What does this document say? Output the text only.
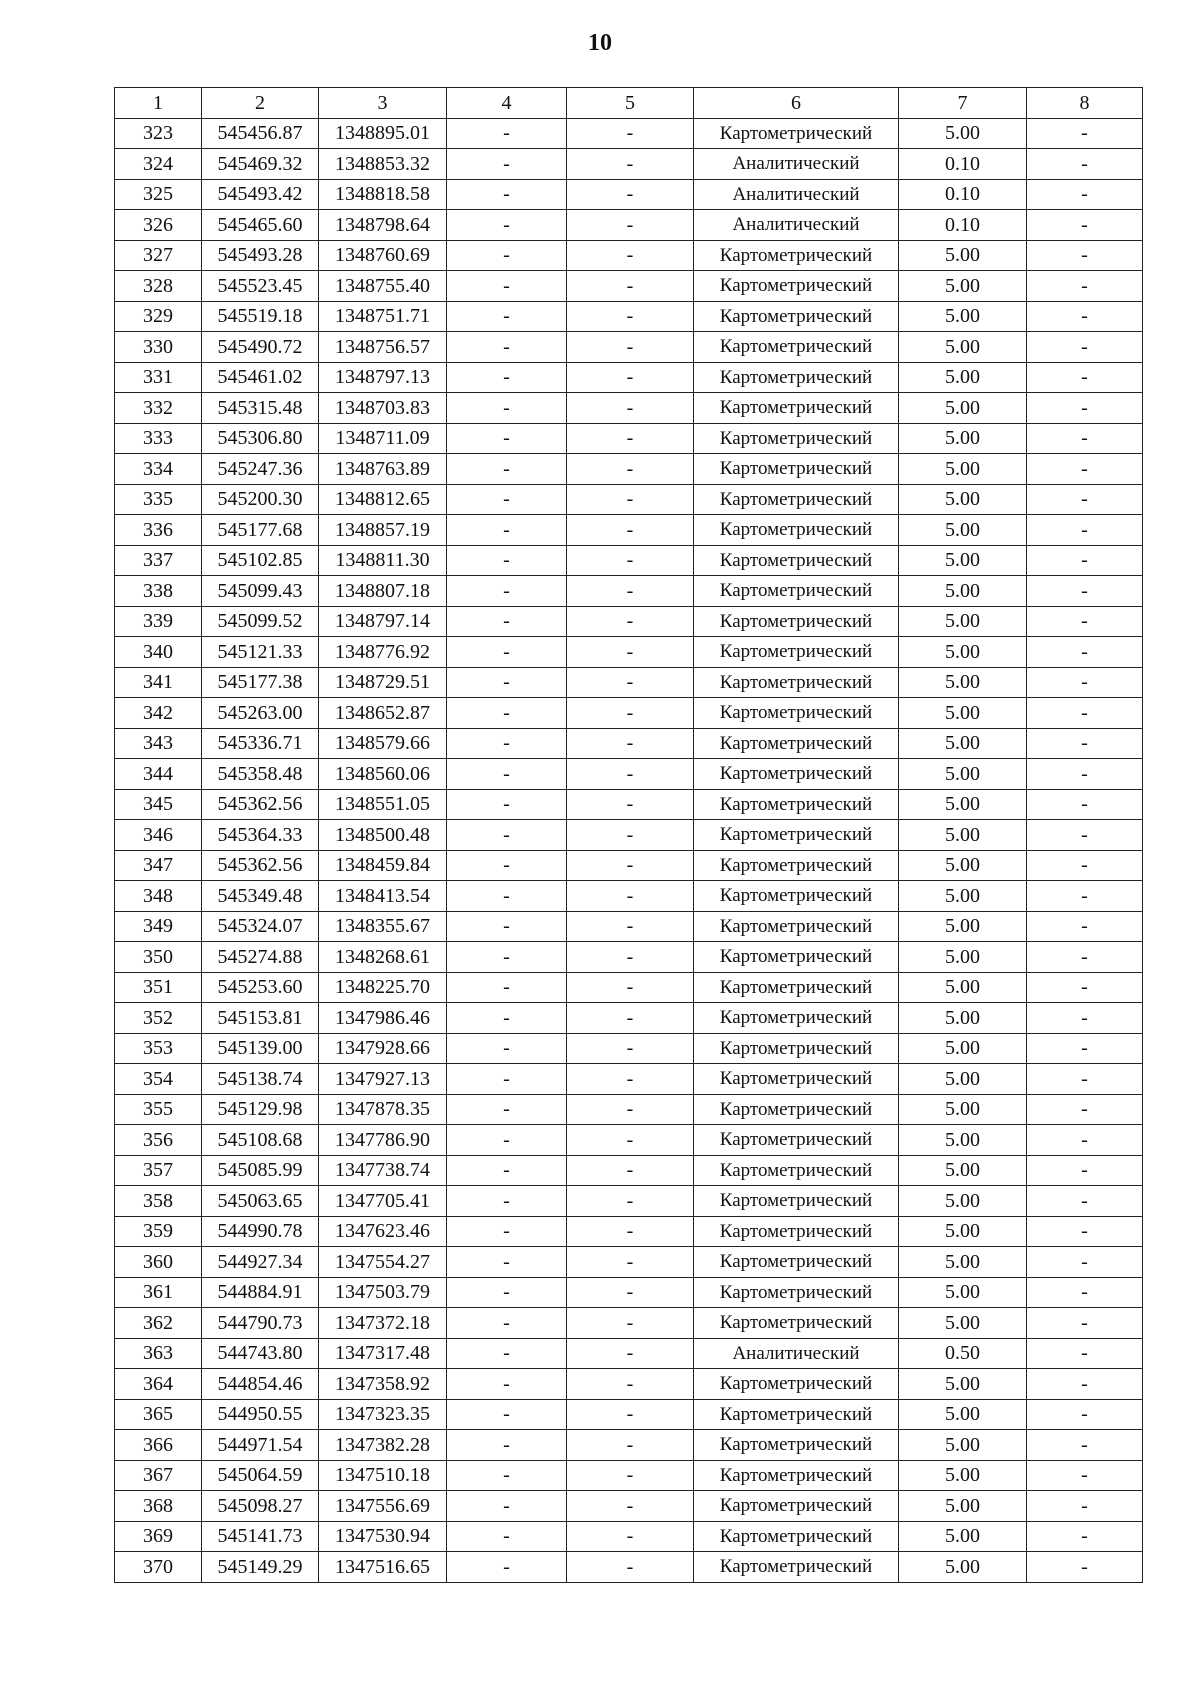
10
1	2	3	4	5	6	7	8
323	545456.87	1348895.01	-	-	Картометрический	5.00	-
324	545469.32	1348853.32	-	-	Аналитический	0.10	-
325	545493.42	1348818.58	-	-	Аналитический	0.10	-
326	545465.60	1348798.64	-	-	Аналитический	0.10	-
327	545493.28	1348760.69	-	-	Картометрический	5.00	-
328	545523.45	1348755.40	-	-	Картометрический	5.00	-
329	545519.18	1348751.71	-	-	Картометрический	5.00	-
330	545490.72	1348756.57	-	-	Картометрический	5.00	-
331	545461.02	1348797.13	-	-	Картометрический	5.00	-
332	545315.48	1348703.83	-	-	Картометрический	5.00	-
333	545306.80	1348711.09	-	-	Картометрический	5.00	-
334	545247.36	1348763.89	-	-	Картометрический	5.00	-
335	545200.30	1348812.65	-	-	Картометрический	5.00	-
336	545177.68	1348857.19	-	-	Картометрический	5.00	-
337	545102.85	1348811.30	-	-	Картометрический	5.00	-
338	545099.43	1348807.18	-	-	Картометрический	5.00	-
339	545099.52	1348797.14	-	-	Картометрический	5.00	-
340	545121.33	1348776.92	-	-	Картометрический	5.00	-
341	545177.38	1348729.51	-	-	Картометрический	5.00	-
342	545263.00	1348652.87	-	-	Картометрический	5.00	-
343	545336.71	1348579.66	-	-	Картометрический	5.00	-
344	545358.48	1348560.06	-	-	Картометрический	5.00	-
345	545362.56	1348551.05	-	-	Картометрический	5.00	-
346	545364.33	1348500.48	-	-	Картометрический	5.00	-
347	545362.56	1348459.84	-	-	Картометрический	5.00	-
348	545349.48	1348413.54	-	-	Картометрический	5.00	-
349	545324.07	1348355.67	-	-	Картометрический	5.00	-
350	545274.88	1348268.61	-	-	Картометрический	5.00	-
351	545253.60	1348225.70	-	-	Картометрический	5.00	-
352	545153.81	1347986.46	-	-	Картометрический	5.00	-
353	545139.00	1347928.66	-	-	Картометрический	5.00	-
354	545138.74	1347927.13	-	-	Картометрический	5.00	-
355	545129.98	1347878.35	-	-	Картометрический	5.00	-
356	545108.68	1347786.90	-	-	Картометрический	5.00	-
357	545085.99	1347738.74	-	-	Картометрический	5.00	-
358	545063.65	1347705.41	-	-	Картометрический	5.00	-
359	544990.78	1347623.46	-	-	Картометрический	5.00	-
360	544927.34	1347554.27	-	-	Картометрический	5.00	-
361	544884.91	1347503.79	-	-	Картометрический	5.00	-
362	544790.73	1347372.18	-	-	Картометрический	5.00	-
363	544743.80	1347317.48	-	-	Аналитический	0.50	-
364	544854.46	1347358.92	-	-	Картометрический	5.00	-
365	544950.55	1347323.35	-	-	Картометрический	5.00	-
366	544971.54	1347382.28	-	-	Картометрический	5.00	-
367	545064.59	1347510.18	-	-	Картометрический	5.00	-
368	545098.27	1347556.69	-	-	Картометрический	5.00	-
369	545141.73	1347530.94	-	-	Картометрический	5.00	-
370	545149.29	1347516.65	-	-	Картометрический	5.00	-
